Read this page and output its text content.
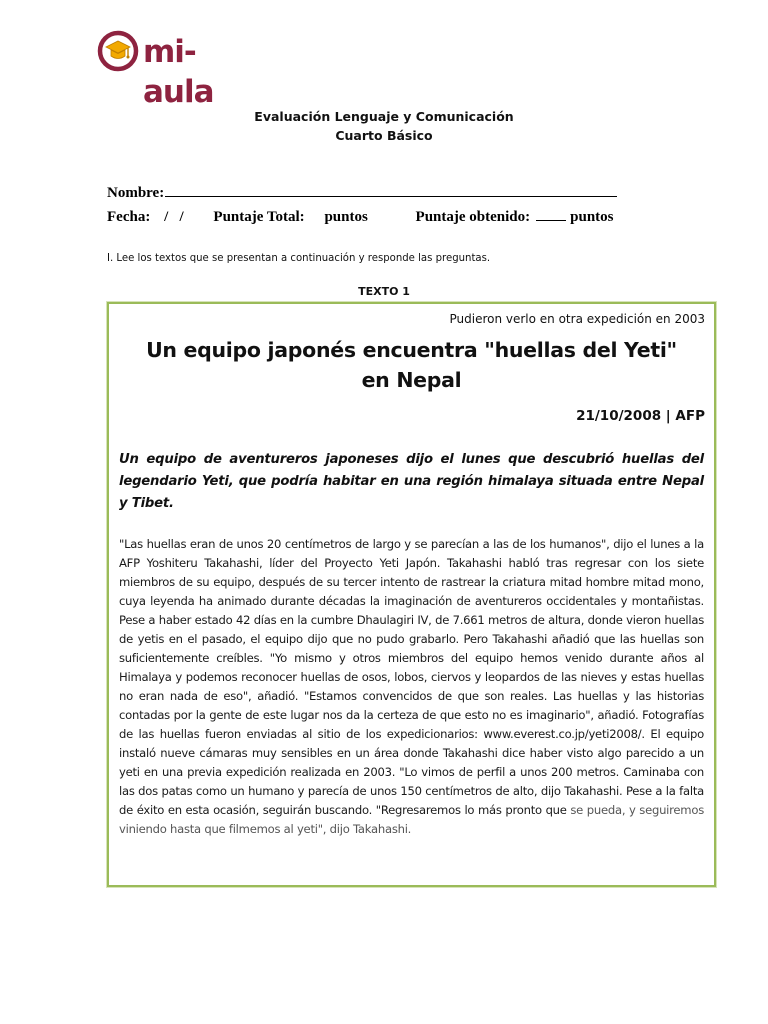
mi-aula
Evaluación Lenguaje y Comunicación
Cuarto Básico
Nombre:
Fecha: /   / Puntaje Total: puntos	Puntaje obtenido:	puntos
I. Lee los textos que se presentan a continuación y responde las preguntas.
TEXTO 1
Pudieron verlo en otra expedición en 2003
Un equipo japonés encuentra "huellas del Yeti"
en Nepal
21/10/2008 | AFP
Un equipo de aventureros japoneses dijo el lunes que descubrió huellas del legendario Yeti, que podría habitar en una región himalaya situada entre Nepal y Tibet.
"Las huellas eran de unos 20 centímetros de largo y se parecían a las de los humanos", dijo el lunes a la AFP Yoshiteru Takahashi, líder del Proyecto Yeti Japón. Takahashi habló tras regresar con los siete miembros de su equipo, después de su tercer intento de rastrear la criatura mitad hombre mitad mono, cuya leyenda ha animado durante décadas la imaginación de aventureros occidentales y montañistas. Pese a haber estado 42 días en la cumbre Dhaulagiri IV, de 7.661 metros de altura, donde vieron huellas de yetis en el pasado, el equipo dijo que no pudo grabarlo. Pero Takahashi añadió que las huellas son suficientemente creíbles. "Yo mismo y otros miembros del equipo hemos venido durante años al Himalaya y podemos reconocer huellas de osos, lobos, ciervos y leopardos de las nieves y estas huellas no eran nada de eso", añadió. "Estamos convencidos de que son reales. Las huellas y las historias contadas por la gente de este lugar nos da la certeza de que esto no es imaginario", añadió. Fotografías de las huellas fueron enviadas al sitio de los expedicionarios: www.everest.co.jp/yeti2008/. El equipo instaló nueve cámaras muy sensibles en un área donde Takahashi dice haber visto algo parecido a un yeti en una previa expedición realizada en 2003. "Lo vimos de perfil a unos 200 metros. Caminaba con las dos patas como un humano y parecía de unos 150 centímetros de alto, dijo Takahashi. Pese a la falta de éxito en esta ocasión, seguirán buscando. "Regresaremos lo más pronto que se pueda, y seguiremos viniendo hasta que filmemos al yeti", dijo Takahashi.
